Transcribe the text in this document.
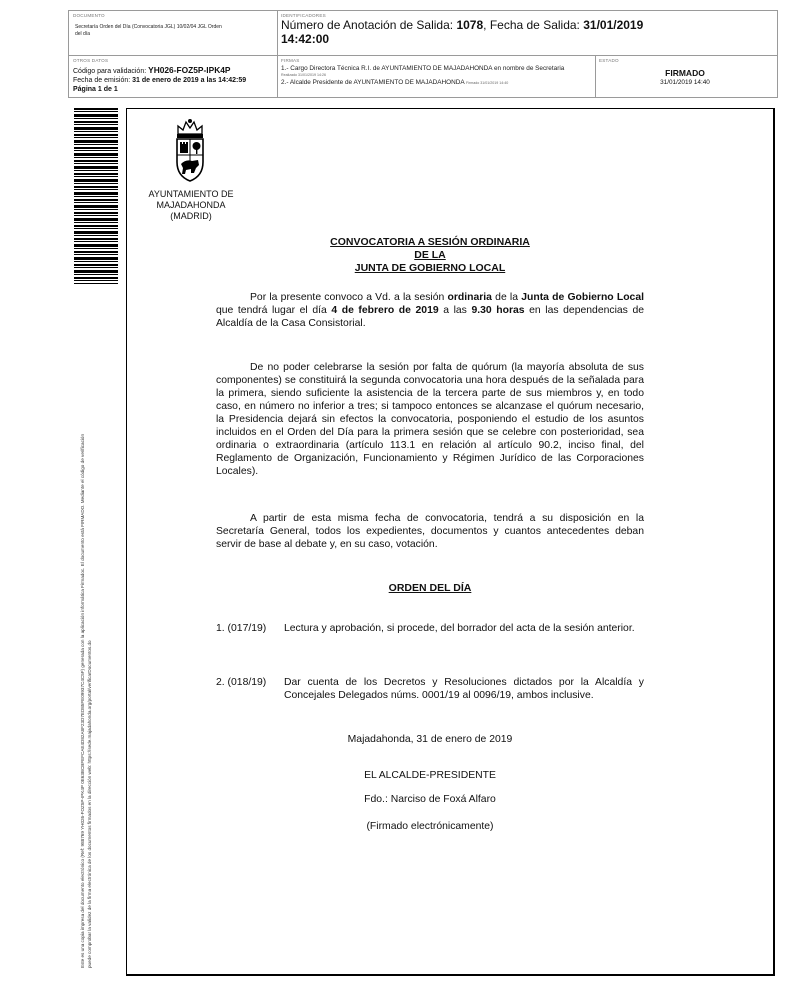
DOCUMENTO
Secretaría Orden del Día (Convocatoria JGL) 10/02/04 JGL Orden
del día
IDENTIFICADORES
Número de Anotación de Salida: 1078, Fecha de Salida: 31/01/2019
14:42:00
OTROS DATOS
Código para validación: YH026-FOZ5P-IPK4P
Fecha de emisión: 31 de enero de 2019 a las 14:42:59
Página 1 de 1
FIRMAS
1.- Cargo Directora Técnica R.I. de AYUNTAMIENTO DE MAJADAHONDA en nombre de Secretaria
Realizado 31/01/2019 14:26
2.- Alcalde Presidente de AYUNTAMIENTO DE MAJADAHONDA Firmado 31/01/2019 14:40
ESTADO
FIRMADO
31/01/2019 14:40
Este es una copia impresa del documento electrónico (Ref: 988769 YH026-FOZ5P-IPK4P 0E63BCBFEFCAE4D82A8F23D7ED85FE09937C4C5F) generada con la aplicación informática Firmadoc. El documento está FIRMADO. Mediante el código de verificación puede comprobar la validez de la firma electrónica de los documentos firmados en la dirección web: https://sede.majadahonda.org/portal/verificarDocumentos.do
AYUNTAMIENTO DE
MAJADAHONDA
(MADRID)
CONVOCATORIA A SESIÓN ORDINARIA
DE LA
JUNTA DE GOBIERNO LOCAL
Por la presente convoco a Vd. a la sesión ordinaria de la Junta de Gobierno Local que tendrá lugar el día 4 de febrero de 2019 a las 9.30 horas en las dependencias de Alcaldía de la Casa Consistorial.
De no poder celebrarse la sesión por falta de quórum (la mayoría absoluta de sus componentes) se constituirá la segunda convocatoria una hora después de la señalada para la primera, siendo suficiente la asistencia de la tercera parte de sus miembros y, en todo caso, en número no inferior a tres; si tampoco entonces se alcanzase el quórum necesario, la Presidencia dejará sin efectos la convocatoria, posponiendo el estudio de los asuntos incluidos en el Orden del Día para la primera sesión que se celebre con posterioridad, sea ordinaria o extraordinaria (artículo 113.1 en relación al artículo 90.2, inciso final, del Reglamento de Organización, Funcionamiento y Régimen Jurídico de las Corporaciones Locales).
A partir de esta misma fecha de convocatoria, tendrá a su disposición en la Secretaría General, todos los expedientes, documentos y cuantos antecedentes deban servir de base al debate y, en su caso, votación.
ORDEN DEL DÍA
1. (017/19)	Lectura y aprobación, si procede, del borrador del acta de la sesión anterior.
2. (018/19)	Dar cuenta de los Decretos y Resoluciones dictados por la Alcaldía y Concejales Delegados núms. 0001/19 al 0096/19, ambos inclusive.
Majadahonda, 31 de enero de 2019
EL ALCALDE-PRESIDENTE
Fdo.: Narciso de Foxá Alfaro
(Firmado electrónicamente)
